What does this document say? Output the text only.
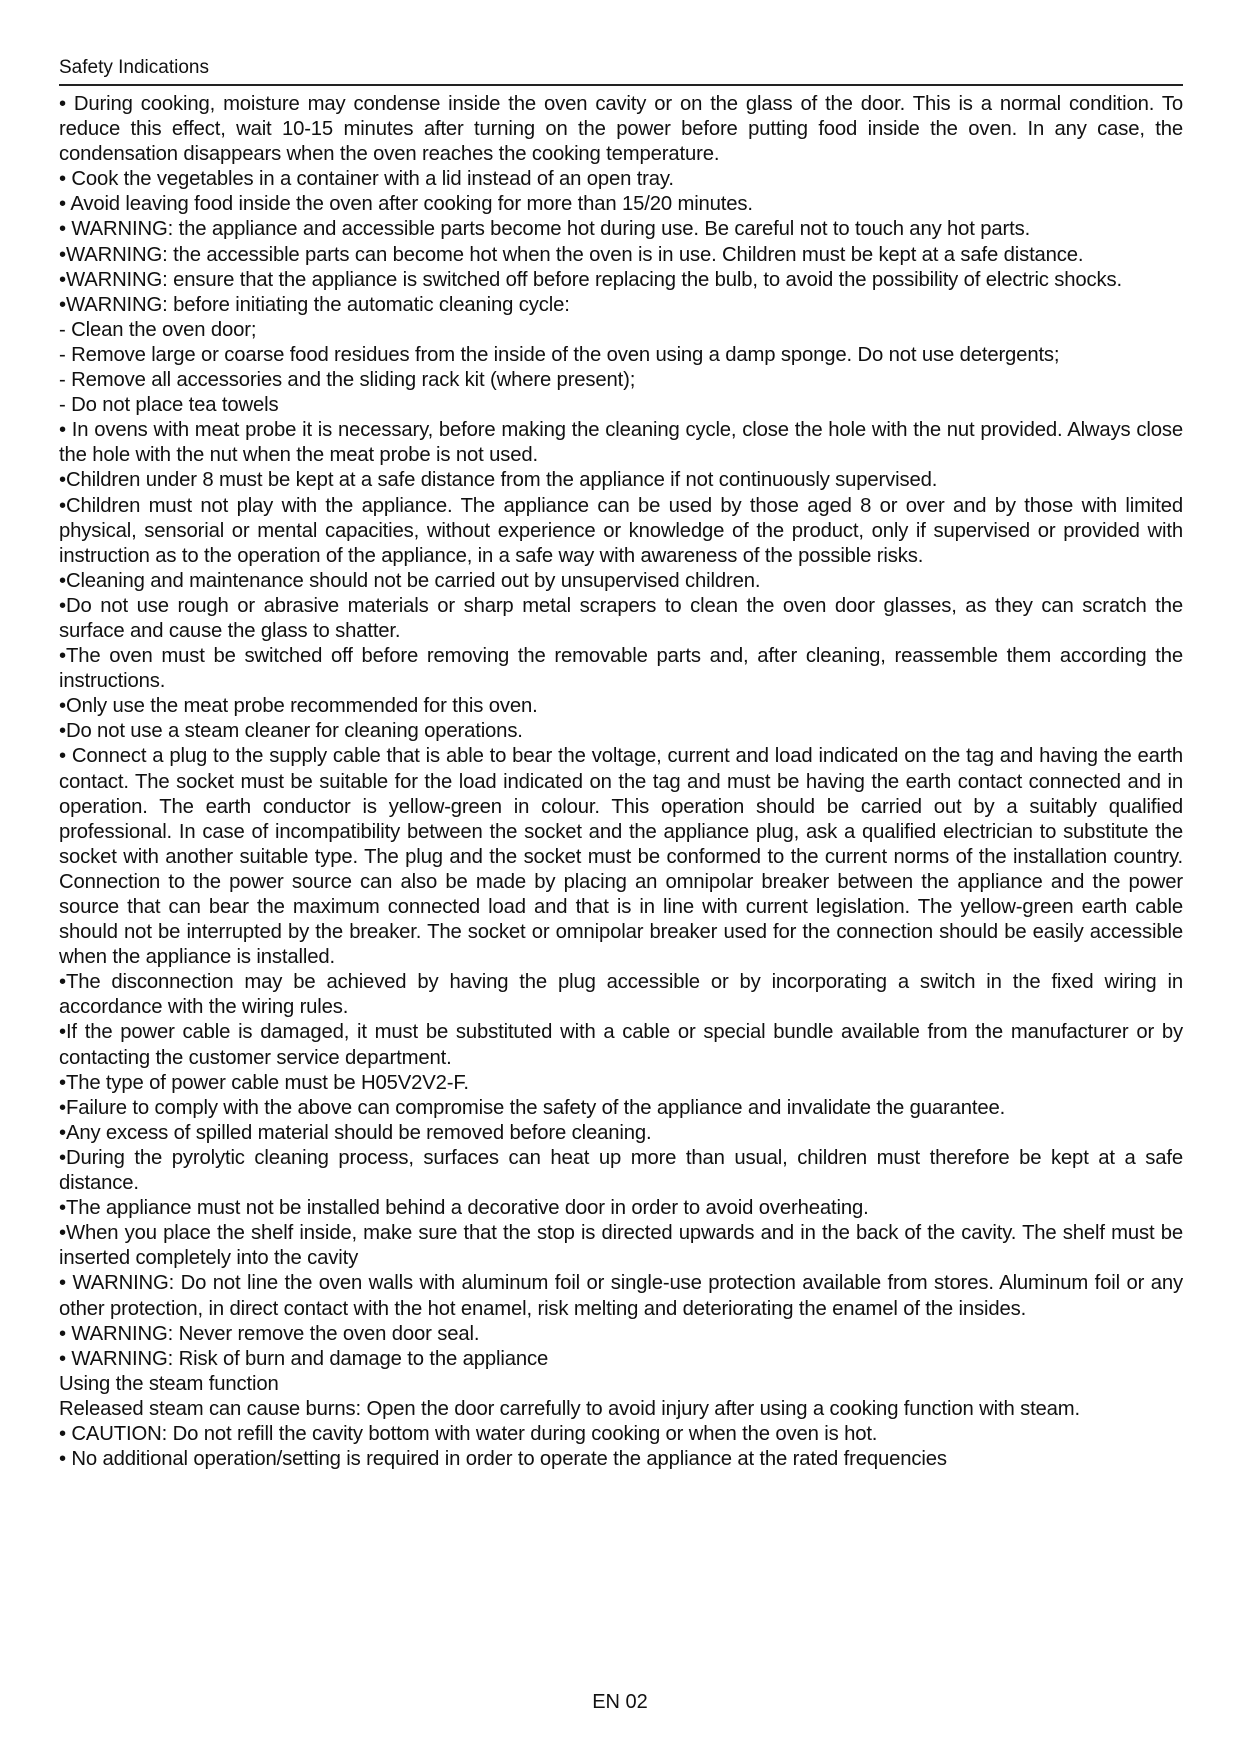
Safety Indications

• During cooking, moisture may condense inside the oven cavity or on the glass of the door. This is a normal condition. To reduce this effect, wait 10-15 minutes after turning on the power before putting food inside the oven. In any case, the condensation disappears when the oven reaches the cooking temperature.

• Cook the vegetables in a container with a lid instead of an open tray.

• Avoid leaving food inside the oven after cooking for more than 15/20 minutes.

• WARNING: the appliance and accessible parts become hot during use. Be careful not to touch any hot parts.

•WARNING: the accessible parts can become hot when the oven is in use. Children must be kept at a safe distance.

•WARNING: ensure that the appliance is switched off before replacing the bulb, to avoid the possibility of electric shocks.

•WARNING: before initiating the automatic cleaning cycle:

- Clean the oven door;

- Remove large or coarse food residues from the inside of the oven using a damp sponge. Do not use detergents;

- Remove all accessories and the sliding rack kit (where present);

- Do not place tea towels

• In ovens with meat probe it is necessary, before making the cleaning cycle, close the hole with the nut provided. Always close the hole with the nut when the meat probe is not used.

•Children under 8 must be kept at a safe distance from the appliance if not continuously supervised.

•Children must not play with the appliance. The appliance can be used by those aged 8 or over and by those with limited physical, sensorial or mental capacities, without experience or knowledge of the product, only if supervised or provided with instruction as to the operation of the appliance, in a safe way with awareness of the possible risks.

•Cleaning and maintenance should not be carried out by unsupervised children.

•Do not use rough or abrasive materials or sharp metal scrapers to clean the oven door glasses, as they can scratch the surface and cause the glass to shatter.

•The oven must be switched off before removing the removable parts and, after cleaning, reassemble them according the instructions.

•Only use the meat probe recommended for this oven.

•Do not use a steam cleaner for cleaning operations.

• Connect a plug to the supply cable that is able to bear the voltage, current and load indicated on the tag and having the earth contact. The socket must be suitable for the load indicated on the tag and must be having the earth contact connected and in operation. The earth conductor is yellow-green in colour. This operation should be carried out by a suitably qualified professional. In case of incompatibility between the socket and the appliance plug, ask a qualified electrician to substitute the socket with another suitable type. The plug and the socket must be conformed to the current norms of the installation country. Connection to the power source can also be made by placing an omnipolar breaker between the appliance and the power source that can bear the maximum connected load and that is in line with current legislation. The yellow-green earth cable should not be interrupted by the breaker. The socket or omnipolar breaker used for the connection should be easily accessible when the appliance is installed.

•The disconnection may be achieved by having the plug accessible or by incorporating a switch in the fixed wiring in accordance with the wiring rules.

•If the power cable is damaged, it must be substituted with a cable or special bundle available from the manufacturer or by contacting the customer service department.

•The type of power cable must be H05V2V2-F.

•Failure to comply with the above can compromise the safety of the appliance and invalidate the guarantee.

•Any excess of spilled material should be removed before cleaning.

•During the pyrolytic cleaning process, surfaces can heat up more than usual, children must therefore be kept at a safe distance.

•The appliance must not be installed behind a decorative door in order to avoid overheating.

•When you place the shelf inside, make sure that the stop is directed upwards and in the back of the cavity. The shelf must be inserted completely into the cavity

• WARNING: Do not line the oven walls with aluminum foil or single-use protection available from stores. Aluminum foil or any other protection, in direct contact with the hot enamel, risk melting and deteriorating the enamel of the insides.

• WARNING: Never remove the oven door seal.

• WARNING: Risk of burn and damage to the appliance

Using the steam function

Released steam can cause burns: Open the door carrefully to avoid injury after using a cooking function with steam.

• CAUTION: Do not refill the cavity bottom with water during cooking or when the oven is hot.

• No additional operation/setting is required in order to operate the appliance at the rated frequencies

EN 02
